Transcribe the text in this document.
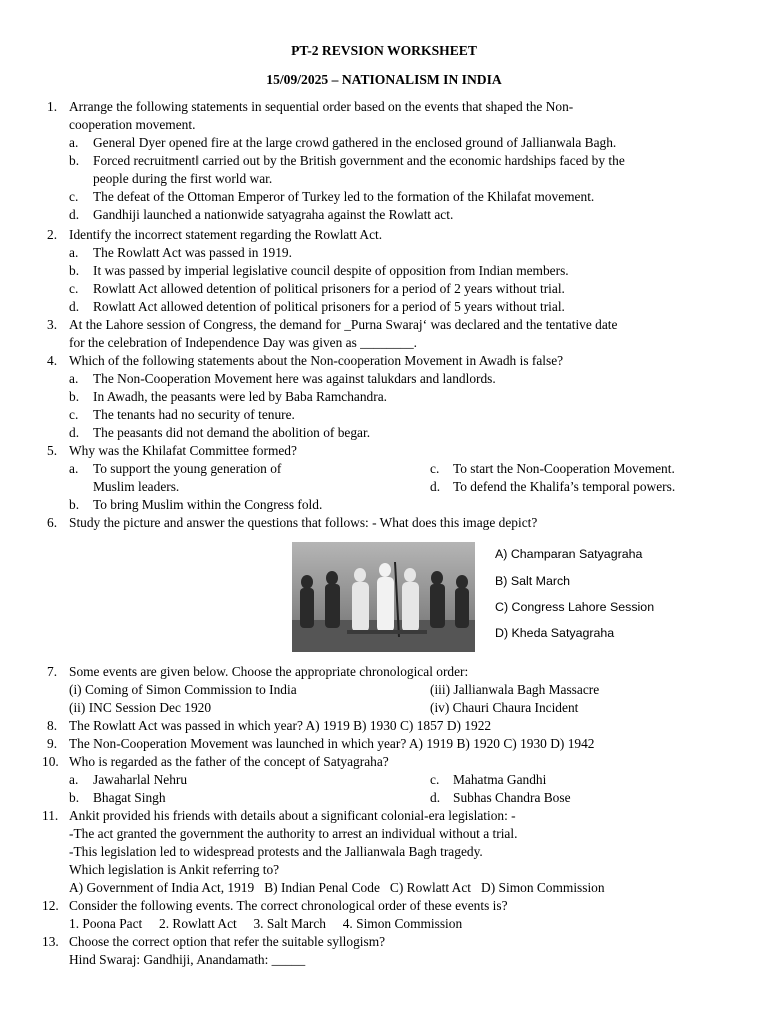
PT-2 REVSION WORKSHEET
15/09/2025 – NATIONALISM IN INDIA
1. Arrange the following statements in sequential order based on the events that shaped the Non-
cooperation movement.
a. General Dyer opened fire at the large crowd gathered in the enclosed ground of Jallianwala Bagh.
b. Forced recruitment‖ carried out by the British government and the economic hardships faced by the
people during the first world war.
c. The defeat of the Ottoman Emperor of Turkey led to the formation of the Khilafat movement.
d. Gandhiji launched a nationwide satyagraha against the Rowlatt act.
2. Identify the incorrect statement regarding the Rowlatt Act.
a. The Rowlatt Act was passed in 1919.
b. It was passed by imperial legislative council despite of opposition from Indian members.
c. Rowlatt Act allowed detention of political prisoners for a period of 2 years without trial.
d. Rowlatt Act allowed detention of political prisoners for a period of 5 years without trial.
3. At the Lahore session of Congress, the demand for _Purna Swaraj‘ was declared and the tentative date
for the celebration of Independence Day was given as ________.
4. Which of the following statements about the Non-cooperation Movement in Awadh is false?
a. The Non-Cooperation Movement here was against talukdars and landlords.
b. In Awadh, the peasants were led by Baba Ramchandra.
c. The tenants had no security of tenure.
d. The peasants did not demand the abolition of begar.
5. Why was the Khilafat Committee formed?
a. To support the young generation of
Muslim leaders.
c. To start the Non-Cooperation Movement.
d. To defend the Khalifa’s temporal powers.
b. To bring Muslim within the Congress fold.
6. Study the picture and answer the questions that follows: - What does this image depict?
A) Champaran Satyagraha
B) Salt March
C) Congress Lahore Session
D) Kheda Satyagraha
7. Some events are given below. Choose the appropriate chronological order:
(i) Coming of Simon Commission to India	(iii) Jallianwala Bagh Massacre
(ii) INC Session Dec 1920	(iv) Chauri Chaura Incident
8. The Rowlatt Act was passed in which year? A) 1919 B) 1930 C) 1857 D) 1922
9. The Non-Cooperation Movement was launched in which year? A) 1919 B) 1920 C) 1930 D) 1942
10. Who is regarded as the father of the concept of Satyagraha?
a. Jawaharlal Nehru	c. Mahatma Gandhi
b. Bhagat Singh	d. Subhas Chandra Bose
11. Ankit provided his friends with details about a significant colonial-era legislation: -
-The act granted the government the authority to arrest an individual without a trial.
-This legislation led to widespread protests and the Jallianwala Bagh tragedy.
Which legislation is Ankit referring to?
A) Government of India Act, 1919   B) Indian Penal Code   C) Rowlatt Act   D) Simon Commission
12. Consider the following events. The correct chronological order of these events is?
1. Poona Pact     2. Rowlatt Act     3. Salt March     4. Simon Commission
13. Choose the correct option that refer the suitable syllogism?
Hind Swaraj: Gandhiji, Anandamath: _____
